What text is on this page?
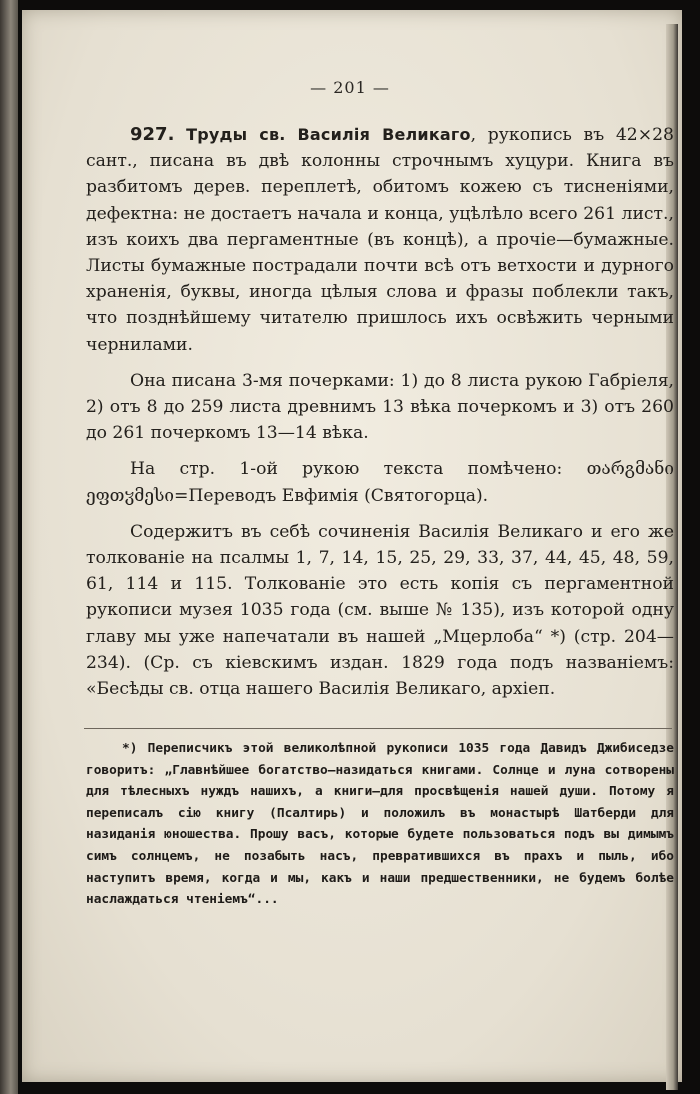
— 201 —

927. Труды св. Василія Великаго, рукопись въ 42×28 сант., писана въ двѣ колонны строчнымъ хуцури. Книга въ разбитомъ дерев. переплетѣ, обитомъ кожею съ тисненіями, дефектна: не достаетъ начала и конца, уцѣлѣло всего 261 лист., изъ коихъ два пергаментные (въ концѣ), а прочіе—бумажные. Листы бумажные пострадали почти всѣ отъ ветхости и дурного храненія, буквы, иногда цѣлыя слова и фразы поблекли такъ, что позднѣйшему читателю пришлось ихъ освѣжить черными чернилами.

Она писана 3-мя почерками: 1) до 8 листа рукою Габріеля, 2) отъ 8 до 259 листа древнимъ 13 вѣка почеркомъ и 3) отъ 260 до 261 почеркомъ 13—14 вѣка.

На стр. 1-ой рукою текста помѣчено: თარგმანი ეფთჳმესი=Переводъ Евфимія (Святогорца).

Содержитъ въ себѣ сочиненія Василія Великаго и его же толкованіе на псалмы 1, 7, 14, 15, 25, 29, 33, 37, 44, 45, 48, 59, 61, 114 и 115. Толкованіе это есть копія съ пергаментной рукописи музея 1035 года (см. выше № 135), изъ которой одну главу мы уже напечатали въ нашей „Мцерлоба“ *) (стр. 204—234). (Ср. съ кіевскимъ издан. 1829 года подъ названіемъ: «Бесѣды св. отца нашего Василія Великаго, архіеп.

*) Переписчикъ этой великолѣпной рукописи 1035 года Давидъ Джибиседзе говоритъ: „Главнѣйшее богатство—назидаться книгами. Солнце и луна сотворены для тѣлесныхъ нуждъ нашихъ, а книги—для просвѣщенія нашей души. Потому я переписалъ сію книгу (Псалтирь) и положилъ въ монастырѣ Шатберди для назиданія юношества. Прошу васъ, которые будете пользоваться подъ вы димымъ симъ солнцемъ, не позабыть насъ, превратившихся въ прахъ и пыль, ибо наступитъ время, когда и мы, какъ и наши предшественники, не будемъ болѣе наслаждаться чтеніемъ“...
